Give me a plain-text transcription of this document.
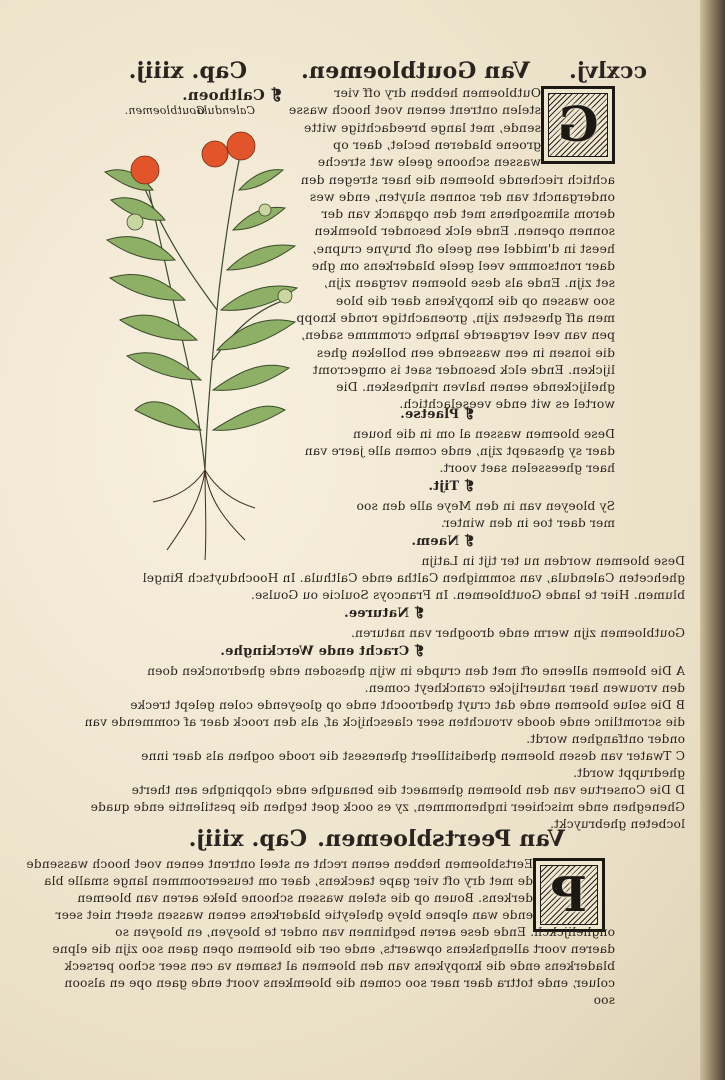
ccxlvj.
Van Goutbloemen.
Cap. xiiij.
Calendula.
❡ Calthoen.
Goutbloemen.	G
Outbloemen hebben dry off vier
stelen ontrent eenen voet hooch wasse
sende, met lange breedachtige witte
groene bladeren beclet, daer op
wassen schoone geele wat streche
achtich riechende bloemen die haer stregen den
ondergancht van der sonnen sluyten, ende wes
derom slimsoghens met den opganck van der
sonnen openen. Ende elck besonder bloemken
heest in d'middel een geele oft bruyne crupne,
daer rontsomme veel geele bladerkens om ghe
set zijn. Ende als dese bloemen vergaen zijn,
soo wassen op die knopykens daer die bloe
men aff gheseten zijn, groenachtige ronde knopp
pen van veel vergaerde langhe crommme saden,
die ionsen in een wassende een bolleken ghes
lijcken. Ende elck besonder saet is omgecromt
ghelijckende eenen halven ringhesken. Die
wortel es wit ende veeselachtich.
❡ Plaetse.
Dese bloemen wassen al om in die houen
daer sy ghesaept zijn, ende comen alle jaere van
haer gheesselen saet voort.
❡ Tijt.
Sy bloeyen van in den Meye alle den soo
mer daer toe in den winter.
❡ Naem.
Dese bloemen worden nu ter tijt in Latijn
ghehceten Calendula, van sommighen Caltha ende Calthula. In Hoochduytsch Ringel
blumen. Hier te lande Goutbloemen. In Francoys Soulcie ou Goulse.
❡ Naturee.
Goutbloemen zijn werm ende droogher van naturen.
❡ Cracht ende Werckinghe.
A Die bloemen alleene oft met den crupde in wijn ghesoden ende ghedroncken doen
den vrouwen haer natuerlijcke cranckheyt comen.
B Die selue bloemen ende dat cruyt ghedroocht ende op gloeyende colen gelept trecke
die scromtlinc ende doode vrouchten seer claeschijck af, als den roock daer af commende van
onder ontfanghen wordt.
C Twater van desen bloemen ghedistilleert ghenesest die roode ooghen als daer inne
ghedruppt wordt.
D Die Consertue van den bloemen ghemaect die benaughe ende cloppinghe aen therte
Gheneghen ende mischieer inghenommen, zy es oock goet teghen die pestilentie ende quade
locbeten ghebruyckt.
Van Peertsbloemen.
Cap. xiiij.
P
Eertsbloemen hebben eenen recht en steel ontrent eenen voet hooch wassende
de met dry oft vier gape taeckens, daer om teuseeroommen lange smalle bla
derkens. Bouen op die stelen wassen schoone bleke aeren van bloemen
ende wan elpene bleye gheleytie bladerkens eenen wassen steert niet seer
onghelijckch. Ende dese aeren beghinnen van onder te bloeyen, en bloeyen so
daeren voort allenghskens opwaerts, ende oer die bloemen open gaen soo zijn die elpne
bladerkens ende die knopykens van den bloemen al tsamen va cen seer schoo perseck
coluer, ende tottra daer naer soo comen die bloemkens voort ende gaen ope en alsoon
soo
